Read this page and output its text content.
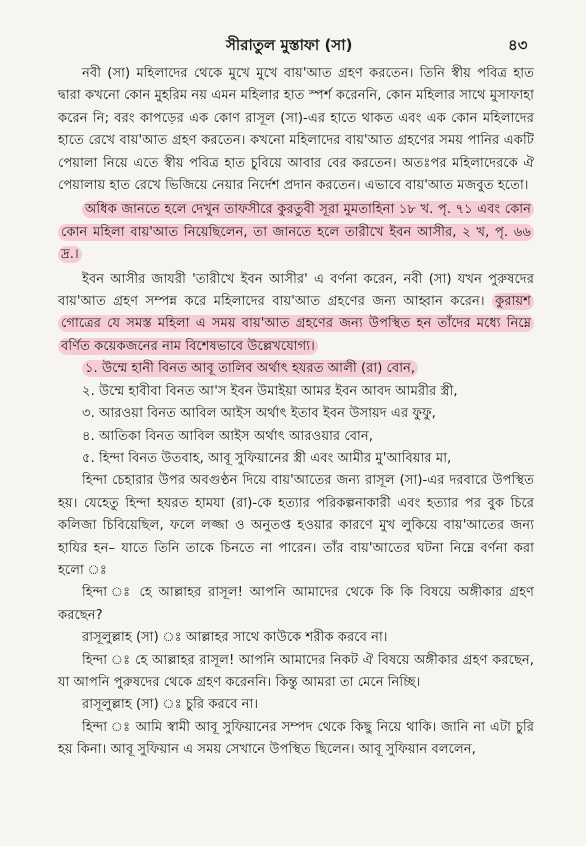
সীরাতুল মুস্তাফা (সা)	৪৩

নবী (সা) মহিলাদের থেকে মুখে মুখে বায়'আত গ্রহণ করতেন। তিনি স্বীয় পবিত্র হাত দ্বারা কখনো কোন মুহরিম নয় এমন মহিলার হাত স্পর্শ করেননি, কোন মহিলার সাথে মুসাফাহা করেন নি; বরং কাপড়ের এক কোণ রাসূল (সা)-এর হাতে থাকত এবং এক কোন মহিলাদের হাতে রেখে বায়'আত গ্রহণ করতেন। কখনো মহিলাদের বায়'আত গ্রহণের সময় পানির একটি পেয়ালা নিয়ে এতে স্বীয় পবিত্র হাত চুবিয়ে আবার বের করতেন। অতঃপর মহিলাদেরকে ঐ পেয়ালায় হাত রেখে ভিজিয়ে নেয়ার নির্দেশ প্রদান করতেন। এভাবে বায়'আত মজবুত হতো।

অধিক জানতে হলে দেখুন তাফসীরে কুরতুবী সূরা মুমতাহিনা ১৮ খ. পৃ. ৭১ এবং কোন কোন মহিলা বায়'আত নিয়েছিলেন, তা জানতে হলে তারীখে ইবন আসীর, ২ খ, পৃ. ৬৬ দ্র.।

ইবন আসীর জাযরী 'তারীখে ইবন আসীর' এ বর্ণনা করেন, নবী (সা) যখন পুরুষদের বায়'আত গ্রহণ সম্পন্ন করে মহিলাদের বায়'আত গ্রহণের জন্য আহ্বান করেন। কুরায়শ গোত্রের যে সমস্ত মহিলা এ সময় বায়'আত গ্রহণের জন্য উপস্থিত হন তাঁদের মধ্যে নিম্নে বর্ণিত কয়েকজনের নাম বিশেষভাবে উল্লেখযোগ্য।

১. উম্মে হানী বিনত আবূ তালিব অর্থাৎ হযরত আলী (রা) বোন,
২. উম্মে হাবীবা বিনত আ'স ইবন উমাইয়া আমর ইবন আবদ আমরীর স্ত্রী,
৩. আরওয়া বিনত আবিল আইস অর্থাৎ ইতাব ইবন উসায়দ এর ফুফু,
৪. আতিকা বিনত আবিল আইস অর্থাৎ আরওয়ার বোন,
৫. হিন্দা বিনত উতবাহ, আবূ সুফিয়ানের স্ত্রী এবং আমীর মু'আবিয়ার মা,

হিন্দা চেহারার উপর অবগুণ্ঠন দিয়ে বায়'আতের জন্য রাসূল (সা)-এর দরবারে উপস্থিত হয়। যেহেতু হিন্দা হযরত হামযা (রা)-কে হত্যার পরিকল্পনাকারী এবং হত্যার পর বুক চিরে কলিজা চিবিয়েছিল, ফলে লজ্জা ও অনুতপ্ত হওয়ার কারণে মুখ লুকিয়ে বায়'আতের জন্য হাযির হন– যাতে তিনি তাকে চিনতে না পারেন। তাঁর বায়'আতের ঘটনা নিম্নে বর্ণনা করা হলো ঃ

হিন্দা ঃ হে আল্লাহর রাসূল! আপনি আমাদের থেকে কি কি বিষয়ে অঙ্গীকার গ্রহণ করছেন?

রাসূলুল্লাহ (সা) ঃ আল্লাহর সাথে কাউকে শরীক করবে না।

হিন্দা ঃ হে আল্লাহর রাসূল! আপনি আমাদের নিকট ঐ বিষয়ে অঙ্গীকার গ্রহণ করছেন, যা আপনি পুরুষদের থেকে গ্রহণ করেননি। কিন্তু আমরা তা মেনে নিচ্ছি।

রাসূলুল্লাহ (সা) ঃ চুরি করবে না।

হিন্দা ঃ আমি স্বামী আবূ সুফিয়ানের সম্পদ থেকে কিছু নিয়ে থাকি। জানি না এটা চুরি হয় কিনা। আবূ সুফিয়ান এ সময় সেখানে উপস্থিত ছিলেন। আবূ সুফিয়ান বললেন,
